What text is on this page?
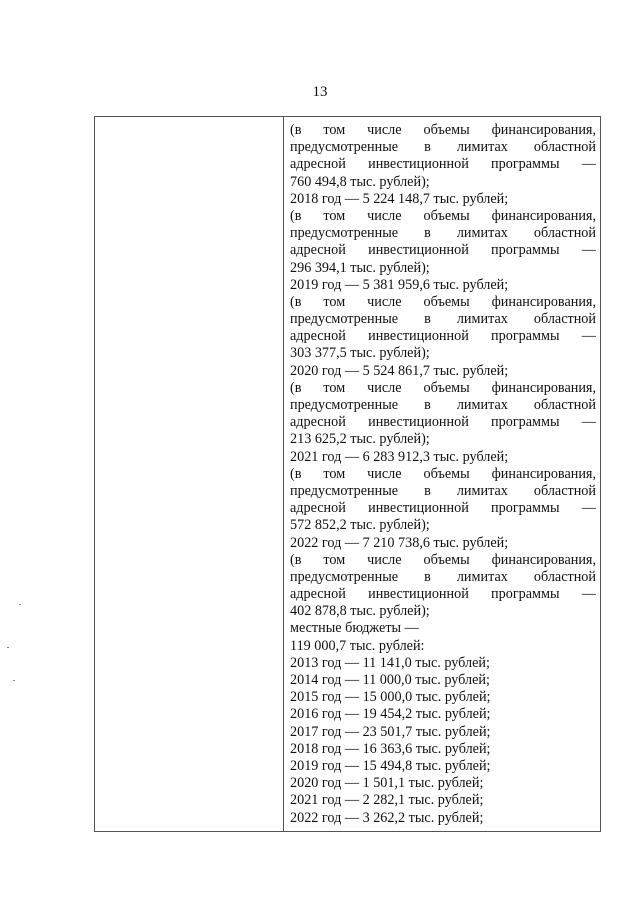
13
(в том числе объемы финансирования,
предусмотренные в лимитах областной
адресной инвестиционной программы —
760 494,8 тыс. рублей);
2018 год — 5 224 148,7 тыс. рублей;
(в том числе объемы финансирования,
предусмотренные в лимитах областной
адресной инвестиционной программы —
296 394,1 тыс. рублей);
2019 год — 5 381 959,6 тыс. рублей;
(в том числе объемы финансирования,
предусмотренные в лимитах областной
адресной инвестиционной программы —
303 377,5 тыс. рублей);
2020 год — 5 524 861,7 тыс. рублей;
(в том числе объемы финансирования,
предусмотренные в лимитах областной
адресной инвестиционной программы —
213 625,2 тыс. рублей);
2021 год — 6 283 912,3 тыс. рублей;
(в том числе объемы финансирования,
предусмотренные в лимитах областной
адресной инвестиционной программы —
572 852,2 тыс. рублей);
2022 год — 7 210 738,6 тыс. рублей;
(в том числе объемы финансирования,
предусмотренные в лимитах областной
адресной инвестиционной программы —
402 878,8 тыс. рублей);
местные бюджеты —
119 000,7 тыс. рублей:
2013 год — 11 141,0 тыс. рублей;
2014 год — 11 000,0 тыс. рублей;
2015 год — 15 000,0 тыс. рублей;
2016 год — 19 454,2 тыс. рублей;
2017 год — 23 501,7 тыс. рублей;
2018 год — 16 363,6 тыс. рублей;
2019 год — 15 494,8 тыс. рублей;
2020 год — 1 501,1 тыс. рублей;
2021 год — 2 282,1 тыс. рублей;
2022 год — 3 262,2 тыс. рублей;
